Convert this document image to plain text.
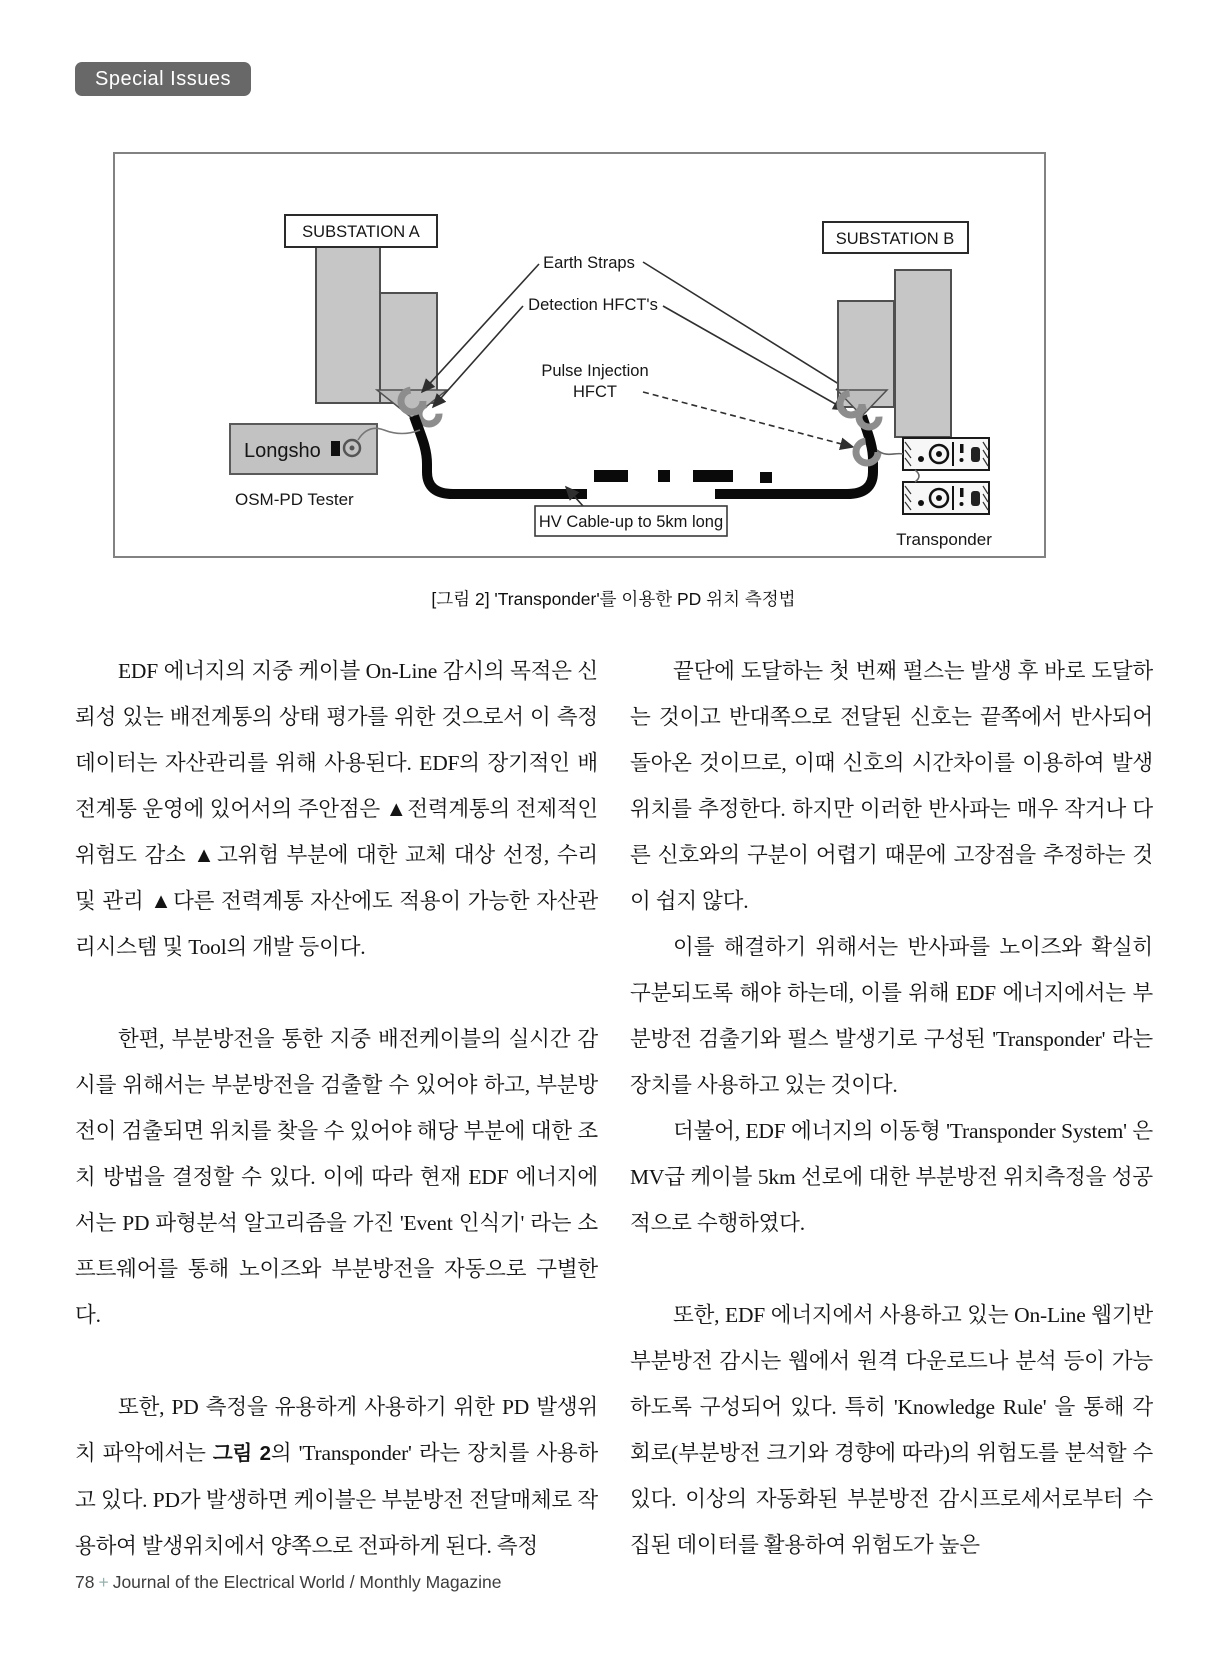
Special Issues
SUBSTATION A
Longsho
OSM-PD Tester
Earth Straps
Detection HFCT's
Pulse Injection
HFCT
SUBSTATION B
HV Cable-up to 5km long
Transponder
[그림 2] 'Transponder'를 이용한 PD 위치 측정법

EDF 에너지의 지중 케이블 On-Line 감시의 목적은 신뢰성 있는 배전계통의 상태 평가를 위한 것으로서 이 측정 데이터는 자산관리를 위해 사용된다. EDF의 장기적인 배전계통 운영에 있어서의 주안점은 ▲전력계통의 전제적인 위험도 감소 ▲고위험 부분에 대한 교체 대상 선정, 수리 및 관리 ▲다른 전력계통 자산에도 적용이 가능한 자산관리시스템 및 Tool의 개발 등이다.

한편, 부분방전을 통한 지중 배전케이블의 실시간 감시를 위해서는 부분방전을 검출할 수 있어야 하고, 부분방전이 검출되면 위치를 찾을 수 있어야 해당 부분에 대한 조치 방법을 결정할 수 있다. 이에 따라 현재 EDF 에너지에서는 PD 파형분석 알고리즘을 가진 'Event 인식기' 라는 소프트웨어를 통해 노이즈와 부분방전을 자동으로 구별한다.

또한, PD 측정을 유용하게 사용하기 위한 PD 발생위치 파악에서는 그림 2의 'Transponder' 라는 장치를 사용하고 있다. PD가 발생하면 케이블은 부분방전 전달매체로 작용하여 발생위치에서 양쪽으로 전파하게 된다. 측정

끝단에 도달하는 첫 번째 펄스는 발생 후 바로 도달하는 것이고 반대쪽으로 전달된 신호는 끝쪽에서 반사되어 돌아온 것이므로, 이때 신호의 시간차이를 이용하여 발생 위치를 추정한다. 하지만 이러한 반사파는 매우 작거나 다른 신호와의 구분이 어렵기 때문에 고장점을 추정하는 것이 쉽지 않다.

이를 해결하기 위해서는 반사파를 노이즈와 확실히 구분되도록 해야 하는데, 이를 위해 EDF 에너지에서는 부분방전 검출기와 펄스 발생기로 구성된 'Transponder' 라는 장치를 사용하고 있는 것이다.

더불어, EDF 에너지의 이동형 'Transponder System' 은 MV급 케이블 5km 선로에 대한 부분방전 위치측정을 성공적으로 수행하였다.

또한, EDF 에너지에서 사용하고 있는 On-Line 웹기반 부분방전 감시는 웹에서 원격 다운로드나 분석 등이 가능하도록 구성되어 있다. 특히 'Knowledge Rule' 을 통해 각 회로(부분방전 크기와 경향에 따라)의 위험도를 분석할 수 있다. 이상의 자동화된 부분방전 감시프로세서로부터 수집된 데이터를 활용하여 위험도가 높은

78 + Journal of the Electrical World / Monthly Magazine
